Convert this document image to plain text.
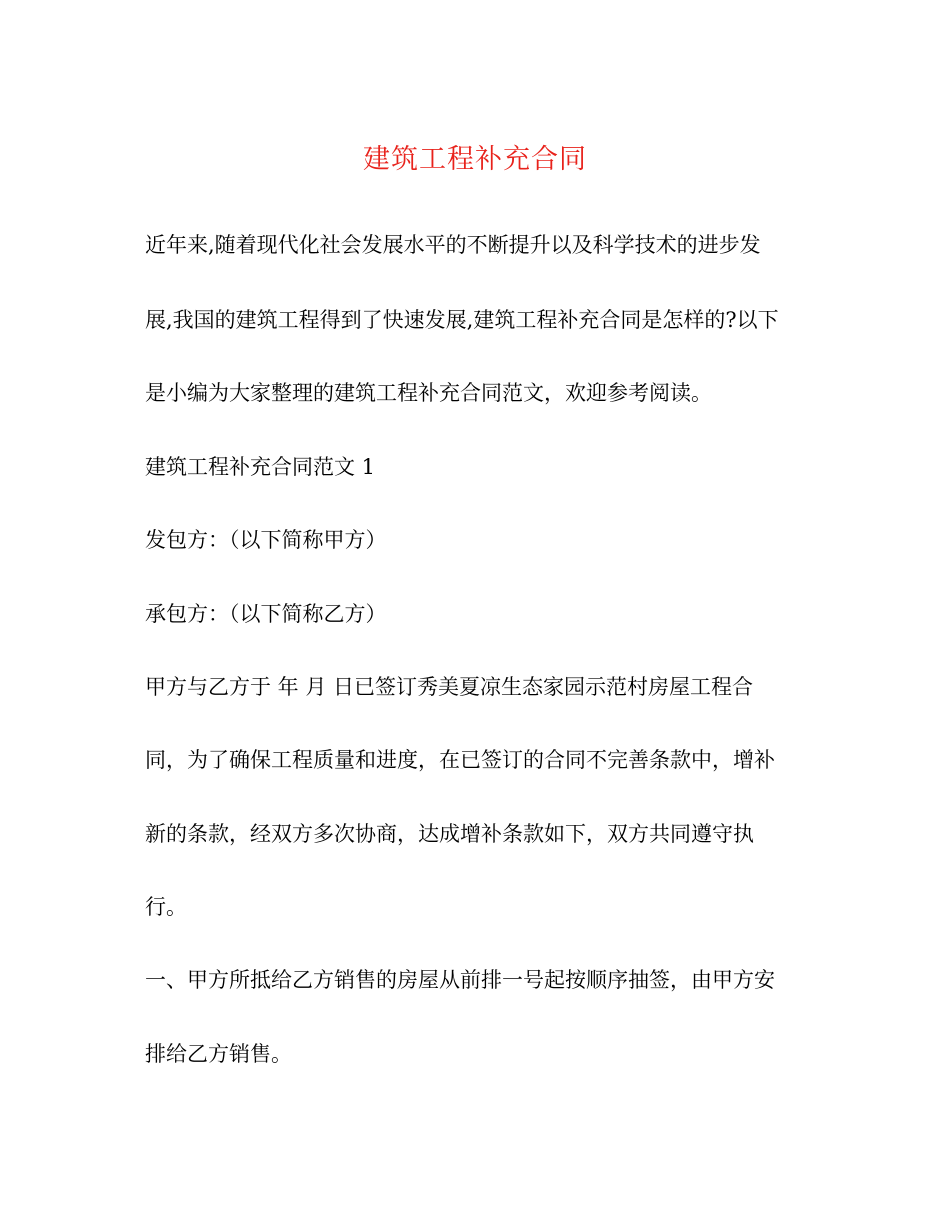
建筑工程补充合同
近年来,随着现代化社会发展水平的不断提升以及科学技术的进步发
展,我国的建筑工程得到了快速发展,建筑工程补充合同是怎样的?以下
是小编为大家整理的建筑工程补充合同范文，欢迎参考阅读。
建筑工程补充合同范文 1
发包方：（以下简称甲方）
承包方：（以下简称乙方）
甲方与乙方于 年 月 日已签订秀美夏凉生态家园示范村房屋工程合
同，为了确保工程质量和进度，在已签订的合同不完善条款中，增补
新的条款，经双方多次协商，达成增补条款如下，双方共同遵守执
行。
一、甲方所抵给乙方销售的房屋从前排一号起按顺序抽签，由甲方安
排给乙方销售。
